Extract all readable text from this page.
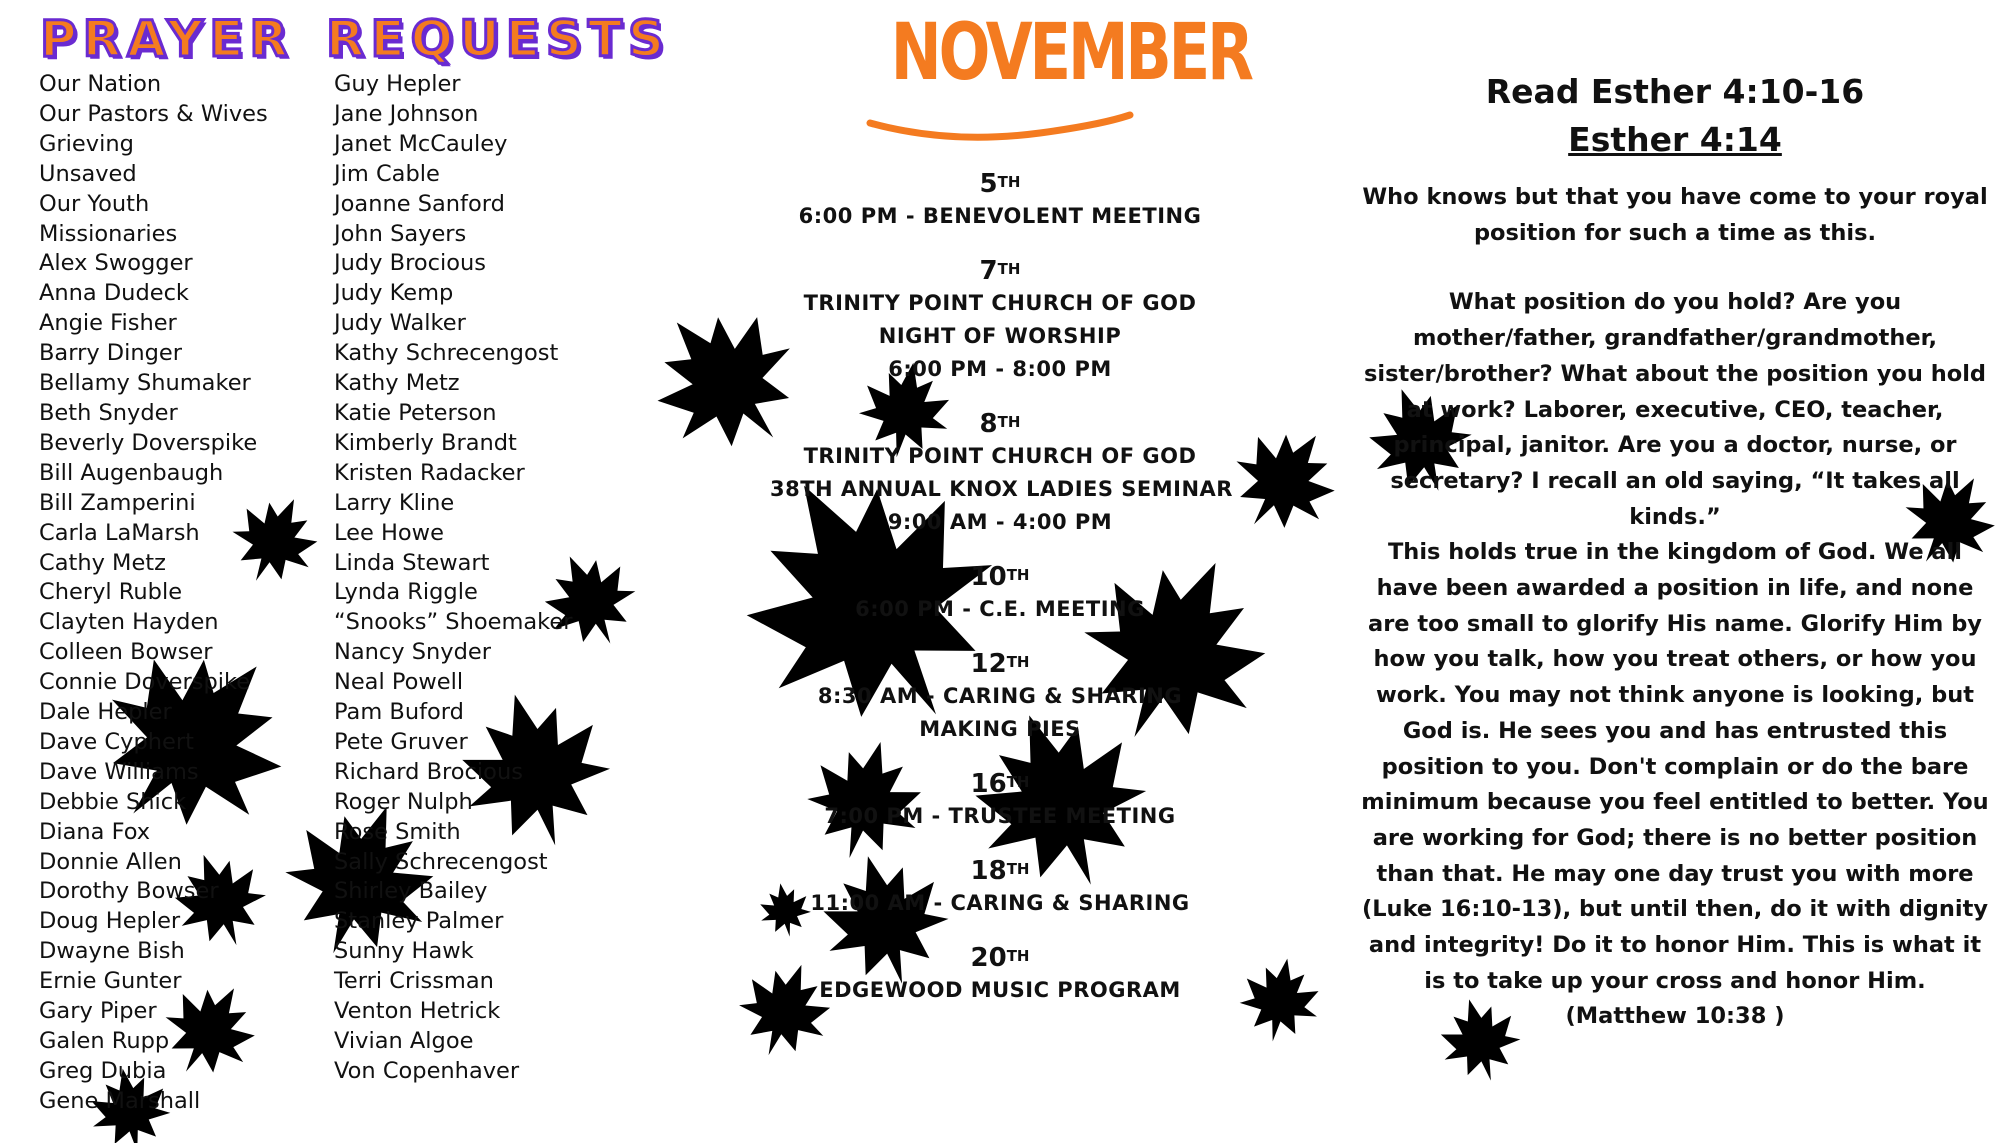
PRAYER REQUESTS
Our Nation
Our Pastors & Wives
Grieving
Unsaved
Our Youth
Missionaries
Alex Swogger
Anna Dudeck
Angie Fisher
Barry Dinger
Bellamy Shumaker
Beth Snyder
Beverly Doverspike
Bill Augenbaugh
Bill Zamperini
Carla LaMarsh
Cathy Metz
Cheryl Ruble
Clayten Hayden
Colleen Bowser
Connie Doverspike
Dale Hepler
Dave Cyphert
Dave Williams
Debbie Shick
Diana Fox
Donnie Allen
Dorothy Bowser
Doug Hepler
Dwayne Bish
Ernie Gunter
Gary Piper
Galen Rupp
Greg Dubia
Gene Marshall
Guy Hepler
Jane Johnson
Janet McCauley
Jim Cable
Joanne Sanford
John Sayers
Judy Brocious
Judy Kemp
Judy Walker
Kathy Schrecengost
Kathy Metz
Katie Peterson
Kimberly Brandt
Kristen Radacker
Larry Kline
Lee Howe
Linda Stewart
Lynda Riggle
“Snooks” Shoemaker
Nancy Snyder
Neal Powell
Pam Buford
Pete Gruver
Richard Brocious
Roger Nulph
Rose Smith
Sally Schrecengost
Shirley Bailey
Stanley Palmer
Sunny Hawk
Terri Crissman
Venton Hetrick
Vivian Algoe
Von Copenhaver
NOVEMBER
5TH
6:00 PM - BENEVOLENT MEETING
7TH
TRINITY POINT CHURCH OF GOD
NIGHT OF WORSHIP
6:00 PM - 8:00 PM
8TH
TRINITY POINT CHURCH OF GOD
38TH ANNUAL KNOX LADIES SEMINAR
9:00 AM - 4:00 PM
10TH
6:00 PM - C.E. MEETING
12TH
8:30 AM - CARING & SHARING
MAKING PIES
16TH
7:00 PM - TRUSTEE MEETING
18TH
11:00 AM - CARING & SHARING
20TH
EDGEWOOD MUSIC PROGRAM
Read Esther 4:10-16
Esther 4:14

Who knows but that you have come to your royal position for such a time as this.

What position do you hold? Are you mother/father, grandfather/grandmother, sister/brother? What about the position you hold at work? Laborer, executive, CEO, teacher, principal, janitor. Are you a doctor, nurse, or secretary? I recall an old saying, “It takes all kinds.”

This holds true in the kingdom of God. We all have been awarded a position in life, and none are too small to glorify His name. Glorify Him by how you talk, how you treat others, or how you work. You may not think anyone is looking, but God is. He sees you and has entrusted this position to you. Don't complain or do the bare minimum because you feel entitled to better. You are working for God; there is no better position than that. He may one day trust you with more (Luke 16:10-13), but until then, do it with dignity and integrity! Do it to honor Him. This is what it is to take up your cross and honor Him. (Matthew 10:38 )
